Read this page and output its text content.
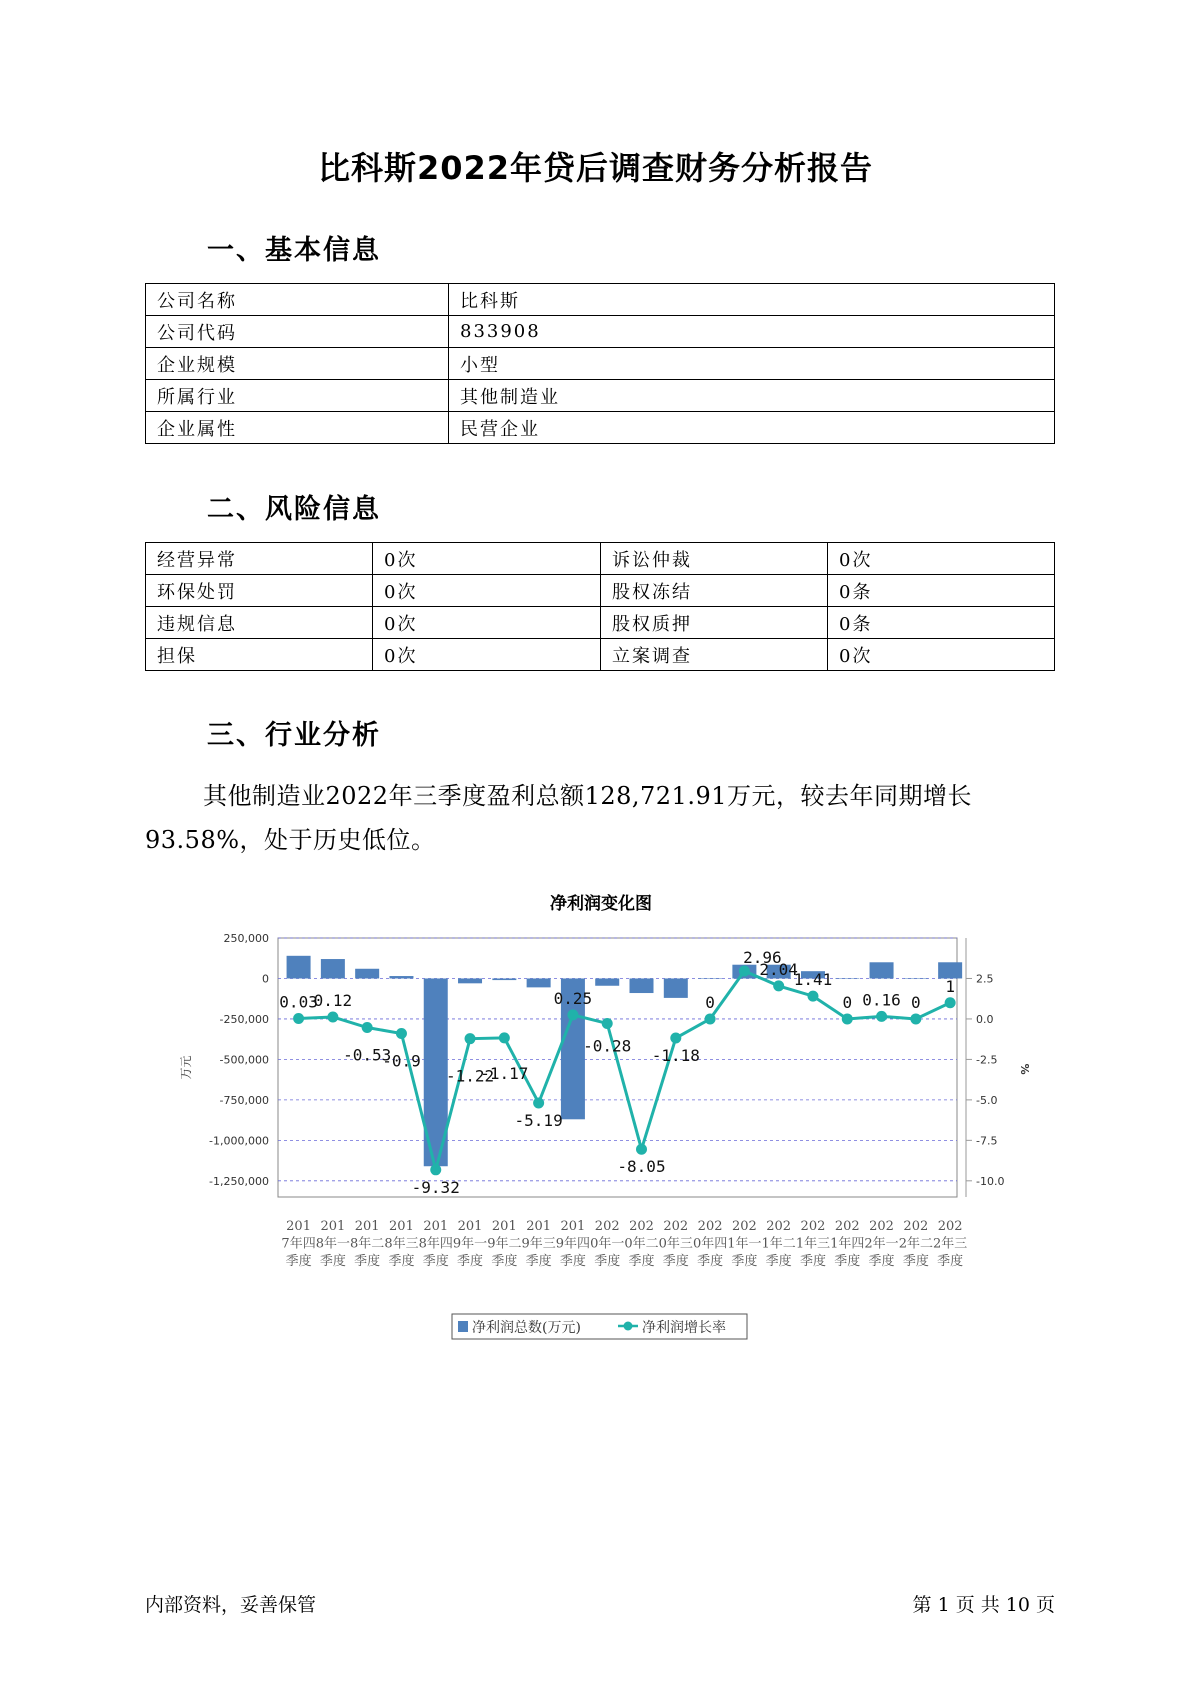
比科斯2022年贷后调查财务分析报告
一、基本信息
公司名称	比科斯
公司代码	833908
企业规模	小型
所属行业	其他制造业
企业属性	民营企业
二、风险信息
经营异常	0次	诉讼仲裁	0次
环保处罚	0次	股权冻结	0条
违规信息	0次	股权质押	0条
担保	0次	立案调查	0次
三、行业分析
其他制造业2022年三季度盈利总额128,721.91万元，较去年同期增长93.58%，处于历史低位。
净利润变化图
250,000
0
-250,000
-500,000
-750,000
-1,000,000
-1,250,000
万元
2.5
0.0
-2.5
-5.0
-7.5
-10.0
%
0.03
0.12
-0.53
-0.9
-9.32
-1.22
-1.17
-5.19
0.25
-0.28
-8.05
-1.18
0
2.96
2.04
1.41
0 0.16 0
1
201 7年四季度
201 8年一季度
201 8年二季度
201 8年三季度
201 8年四季度
201 9年一季度
201 9年二季度
201 9年三季度
201 9年四季度
202 0年一季度
202 0年二季度
202 0年三季度
202 0年四季度
202 1年一季度
202 1年二季度
202 1年三季度
202 1年四季度
202 2年一季度
202 2年二季度
202 2年三季度
净利润总数(万元)	净利润增长率
内部资料，妥善保管	第 1 页 共 10 页
